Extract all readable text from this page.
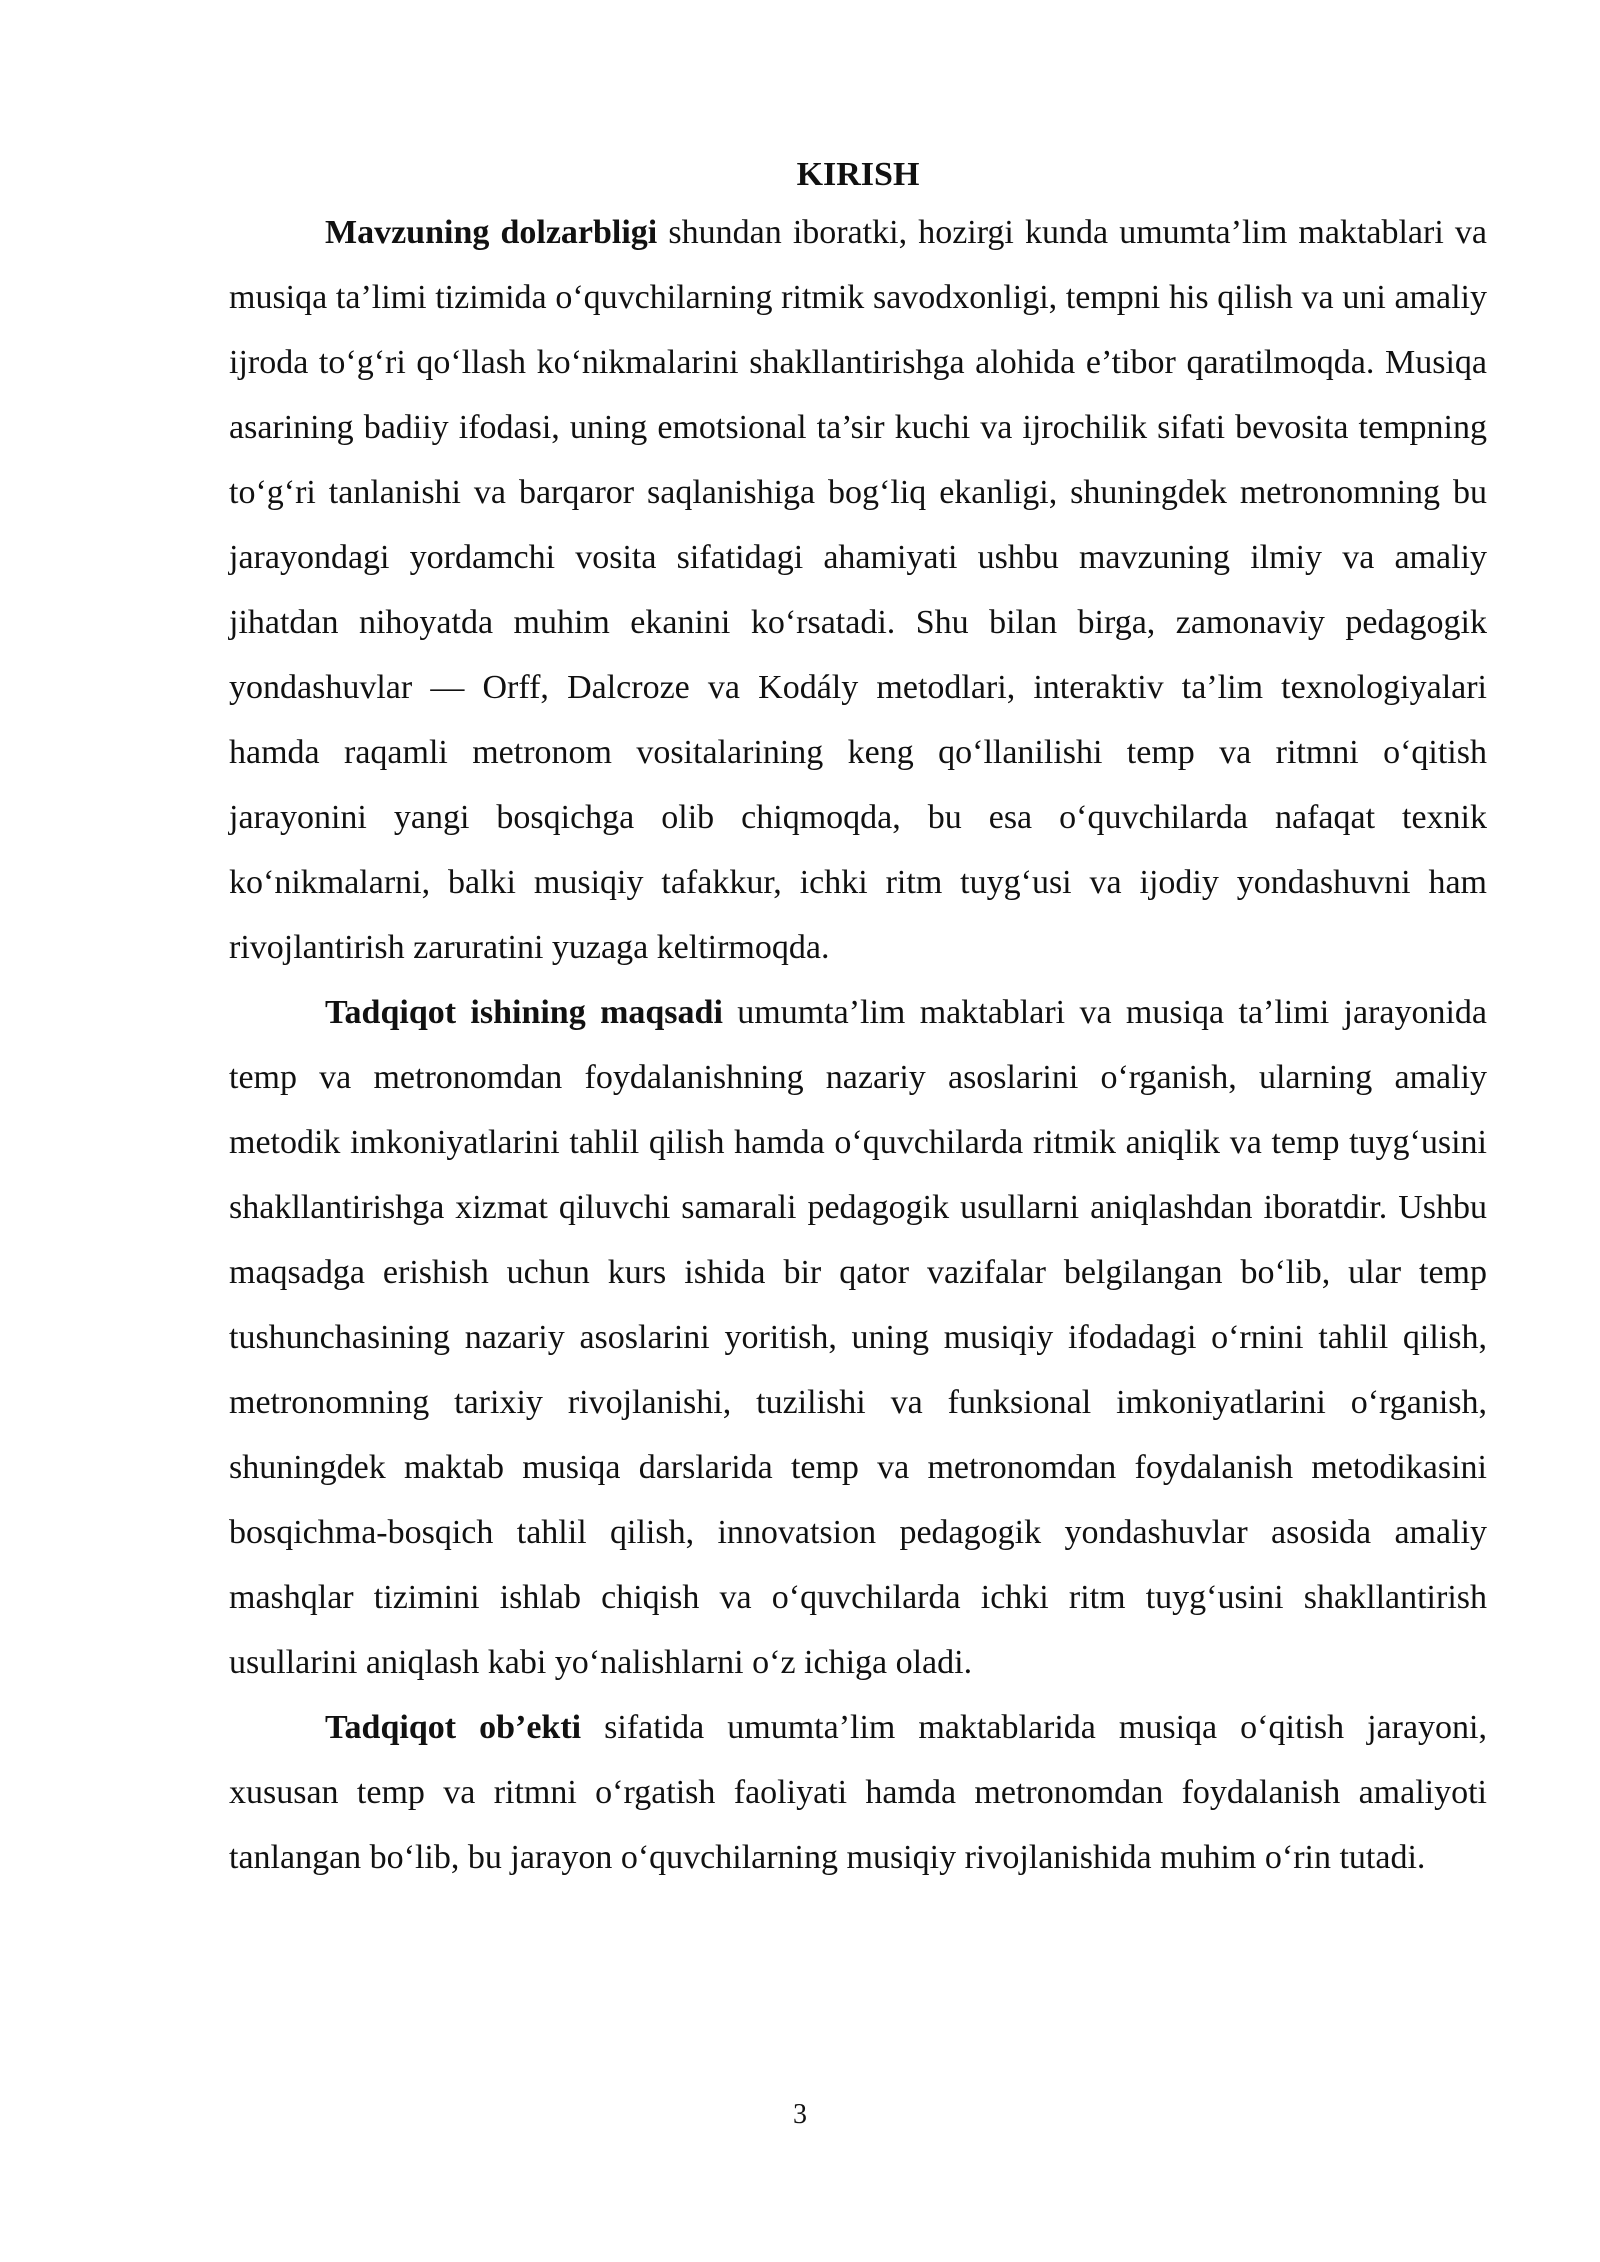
KIRISH

Mavzuning dolzarbligi shundan iboratki, hozirgi kunda umumta’lim maktablari va musiqa ta’limi tizimida o‘quvchilarning ritmik savodxonligi, tempni his qilish va uni amaliy ijroda to‘g‘ri qo‘llash ko‘nikmalarini shakllantirishga alohida e’tibor qaratilmoqda. Musiqa asarining badiiy ifodasi, uning emotsional ta’sir kuchi va ijrochilik sifati bevosita tempning to‘g‘ri tanlanishi va barqaror saqlanishiga bog‘liq ekanligi, shuningdek metronomning bu jarayondagi yordamchi vosita sifatidagi ahamiyati ushbu mavzuning ilmiy va amaliy jihatdan nihoyatda muhim ekanini ko‘rsatadi. Shu bilan birga, zamonaviy pedagogik yondashuvlar — Orff, Dalcroze va Kodály metodlari, interaktiv ta’lim texnologiyalari hamda raqamli metronom vositalarining keng qo‘llanilishi temp va ritmni o‘qitish jarayonini yangi bosqichga olib chiqmoqda, bu esa o‘quvchilarda nafaqat texnik ko‘nikmalarni, balki musiqiy tafakkur, ichki ritm tuyg‘usi va ijodiy yondashuvni ham rivojlantirish zaruratini yuzaga keltirmoqda.

Tadqiqot ishining maqsadi umumta’lim maktablari va musiqa ta’limi jarayonida temp va metronomdan foydalanishning nazariy asoslarini o‘rganish, ularning amaliy metodik imkoniyatlarini tahlil qilish hamda o‘quvchilarda ritmik aniqlik va temp tuyg‘usini shakllantirishga xizmat qiluvchi samarali pedagogik usullarni aniqlashdan iboratdir. Ushbu maqsadga erishish uchun kurs ishida bir qator vazifalar belgilangan bo‘lib, ular temp tushunchasining nazariy asoslarini yoritish, uning musiqiy ifodadagi o‘rnini tahlil qilish, metronomning tarixiy rivojlanishi, tuzilishi va funksional imkoniyatlarini o‘rganish, shuningdek maktab musiqa darslarida temp va metronomdan foydalanish metodikasini bosqichma-bosqich tahlil qilish, innovatsion pedagogik yondashuvlar asosida amaliy mashqlar tizimini ishlab chiqish va o‘quvchilarda ichki ritm tuyg‘usini shakllantirish usullarini aniqlash kabi yo‘nalishlarni o‘z ichiga oladi.

Tadqiqot ob’ekti sifatida umumta’lim maktablarida musiqa o‘qitish jarayoni, xususan temp va ritmni o‘rgatish faoliyati hamda metronomdan foydalanish amaliyoti tanlangan bo‘lib, bu jarayon o‘quvchilarning musiqiy rivojlanishida muhim o‘rin tutadi.

3
